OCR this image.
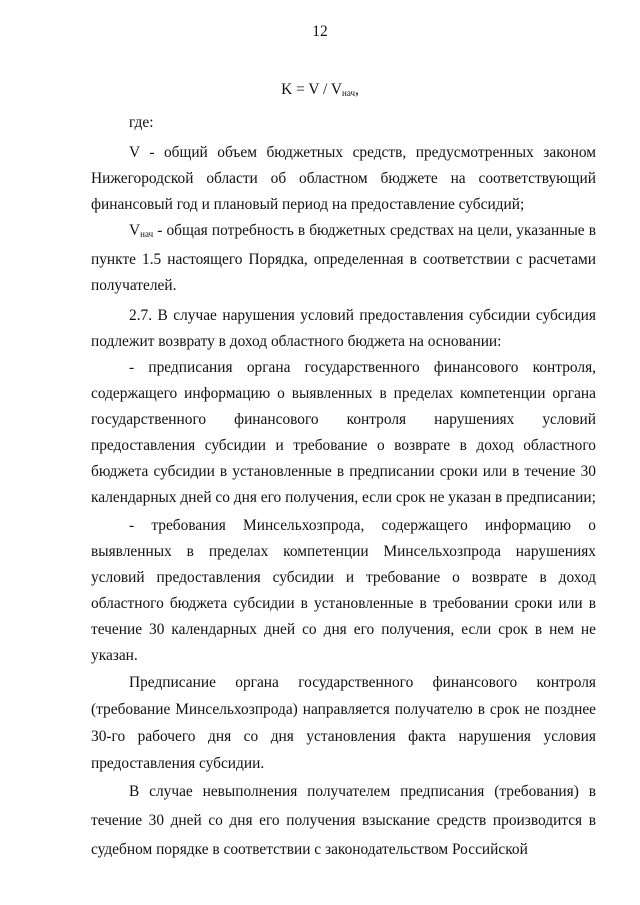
12
$K = V / V_{нач}$,

где:

V - общий объем бюджетных средств, предусмотренных законом Нижегородской области об областном бюджете на соответствующий финансовый год и плановый период на предоставление субсидий;

$V_{нач}$ - общая потребность в бюджетных средствах на цели, указанные в пункте 1.5 настоящего Порядка, определенная в соответствии с расчетами получателей.

2.7. В случае нарушения условий предоставления субсидии субсидия подлежит возврату в доход областного бюджета на основании:

- предписания органа государственного финансового контроля, содержащего информацию о выявленных в пределах компетенции органа государственного финансового контроля нарушениях условий предоставления субсидии и требование о возврате в доход областного бюджета субсидии в установленные в предписании сроки или в течение 30 календарных дней со дня его получения, если срок не указан в предписании;

- требования Минсельхозпрода, содержащего информацию о выявленных в пределах компетенции Минсельхозпрода нарушениях условий предоставления субсидии и требование о возврате в доход областного бюджета субсидии в установленные в требовании сроки или в течение 30 календарных дней со дня его получения, если срок в нем не указан.

Предписание органа государственного финансового контроля (требование Минсельхозпрода) направляется получателю в срок не позднее 30-го рабочего дня со дня установления факта нарушения условия предоставления субсидии.

В случае невыполнения получателем предписания (требования) в течение 30 дней со дня его получения взыскание средств производится в судебном порядке в соответствии с законодательством Российской
